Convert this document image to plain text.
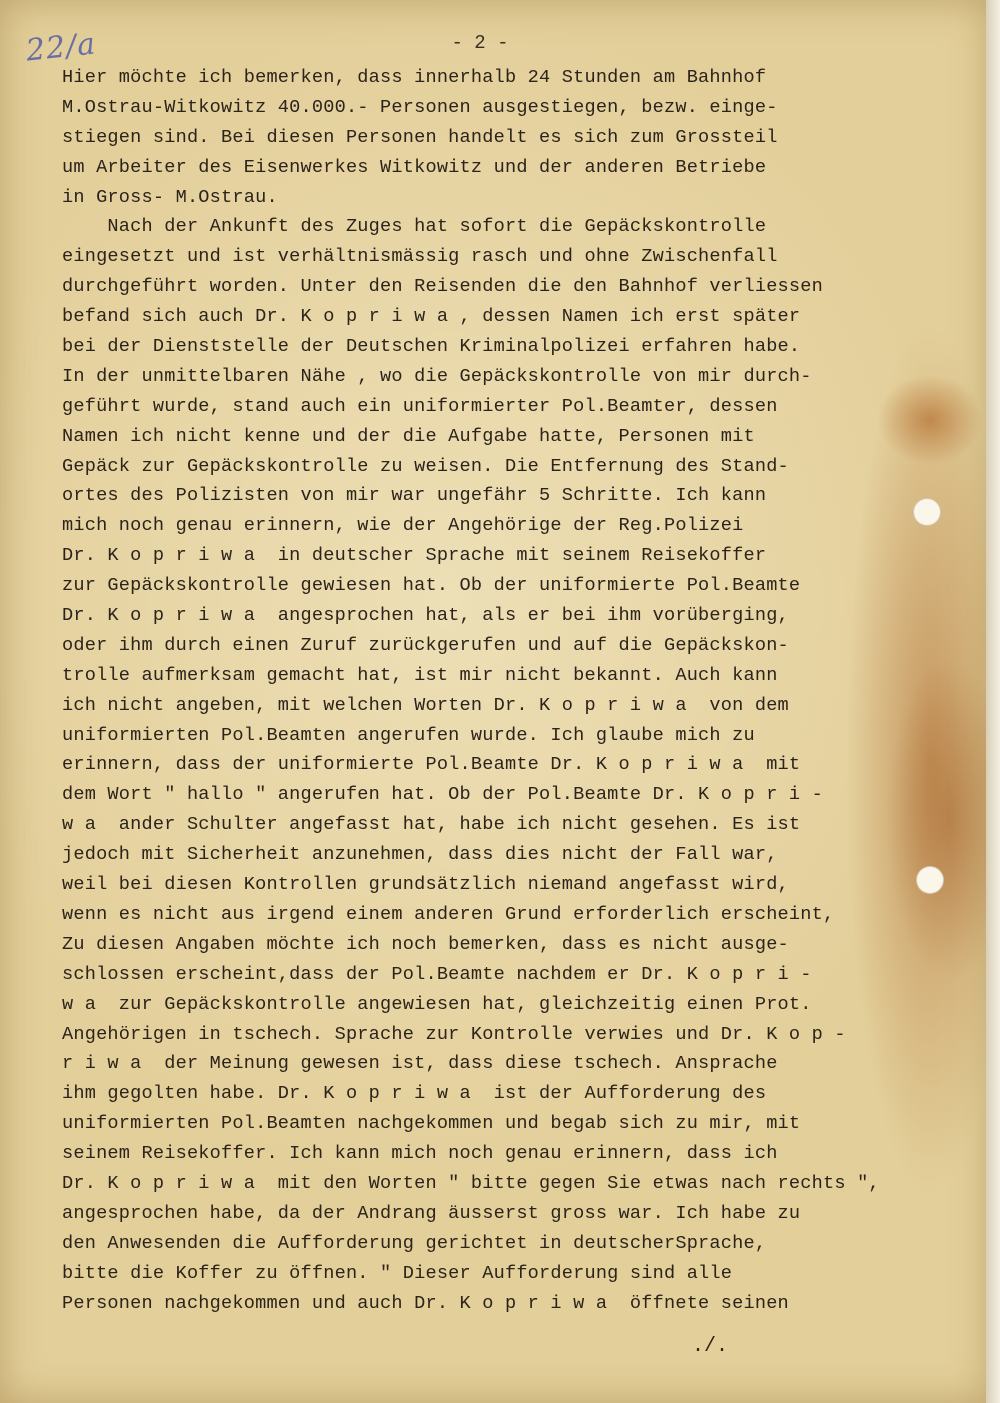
22/a	- 2 -
Hier möchte ich bemerken, dass innerhalb 24 Stunden am Bahnhof
M.Ostrau-Witkowitz 40.000.- Personen ausgestiegen, bezw. einge-
stiegen sind. Bei diesen Personen handelt es sich zum Grossteil
um Arbeiter des Eisenwerkes Witkowitz und der anderen Betriebe
in Gross- M.Ostrau.
Nach der Ankunft des Zuges hat sofort die Gepäckskontrolle
eingesetzt und ist verhältnismässig rasch und ohne Zwischenfall
durchgeführt worden. Unter den Reisenden die den Bahnhof verliessen
befand sich auch Dr. K o p r i w a , dessen Namen ich erst später
bei der Dienststelle der Deutschen Kriminalpolizei erfahren habe.
In der unmittelbaren Nähe , wo die Gepäckskontrolle von mir durch-
geführt wurde, stand auch ein uniformierter Pol.Beamter, dessen
Namen ich nicht kenne und der die Aufgabe hatte, Personen mit
Gepäck zur Gepäckskontrolle zu weisen. Die Entfernung des Stand-
ortes des Polizisten von mir war ungefähr 5 Schritte. Ich kann
mich noch genau erinnern, wie der Angehörige der Reg.Polizei
Dr. K o p r i w a  in deutscher Sprache mit seinem Reisekoffer
zur Gepäckskontrolle gewiesen hat. Ob der uniformierte Pol.Beamte
Dr. K o p r i w a  angesprochen hat, als er bei ihm vorüberging,
oder ihm durch einen Zuruf zurückgerufen und auf die Gepäckskon-
trolle aufmerksam gemacht hat, ist mir nicht bekannt. Auch kann
ich nicht angeben, mit welchen Worten Dr. K o p r i w a  von dem
uniformierten Pol.Beamten angerufen wurde. Ich glaube mich zu
erinnern, dass der uniformierte Pol.Beamte Dr. K o p r i w a  mit
dem Wort " hallo " angerufen hat. Ob der Pol.Beamte Dr. K o p r i -
w a  ander Schulter angefasst hat, habe ich nicht gesehen. Es ist
jedoch mit Sicherheit anzunehmen, dass dies nicht der Fall war,
weil bei diesen Kontrollen grundsätzlich niemand angefasst wird,
wenn es nicht aus irgend einem anderen Grund erforderlich erscheint,
Zu diesen Angaben möchte ich noch bemerken, dass es nicht ausge-
schlossen erscheint,dass der Pol.Beamte nachdem er Dr. K o p r i -
w a  zur Gepäckskontrolle angewiesen hat, gleichzeitig einen Prot.
Angehörigen in tschech. Sprache zur Kontrolle verwies und Dr. K o p -
r i w a  der Meinung gewesen ist, dass diese tschech. Ansprache
ihm gegolten habe. Dr. K o p r i w a  ist der Aufforderung des
uniformierten Pol.Beamten nachgekommen und begab sich zu mir, mit
seinem Reisekoffer. Ich kann mich noch genau erinnern, dass ich
Dr. K o p r i w a  mit den Worten " bitte gegen Sie etwas nach rechts ",
angesprochen habe, da der Andrang äusserst gross war. Ich habe zu
den Anwesenden die Aufforderung gerichtet in deutscherSprache,
bitte die Koffer zu öffnen. " Dieser Aufforderung sind alle
Personen nachgekommen und auch Dr. K o p r i w a  öffnete seinen
./.
